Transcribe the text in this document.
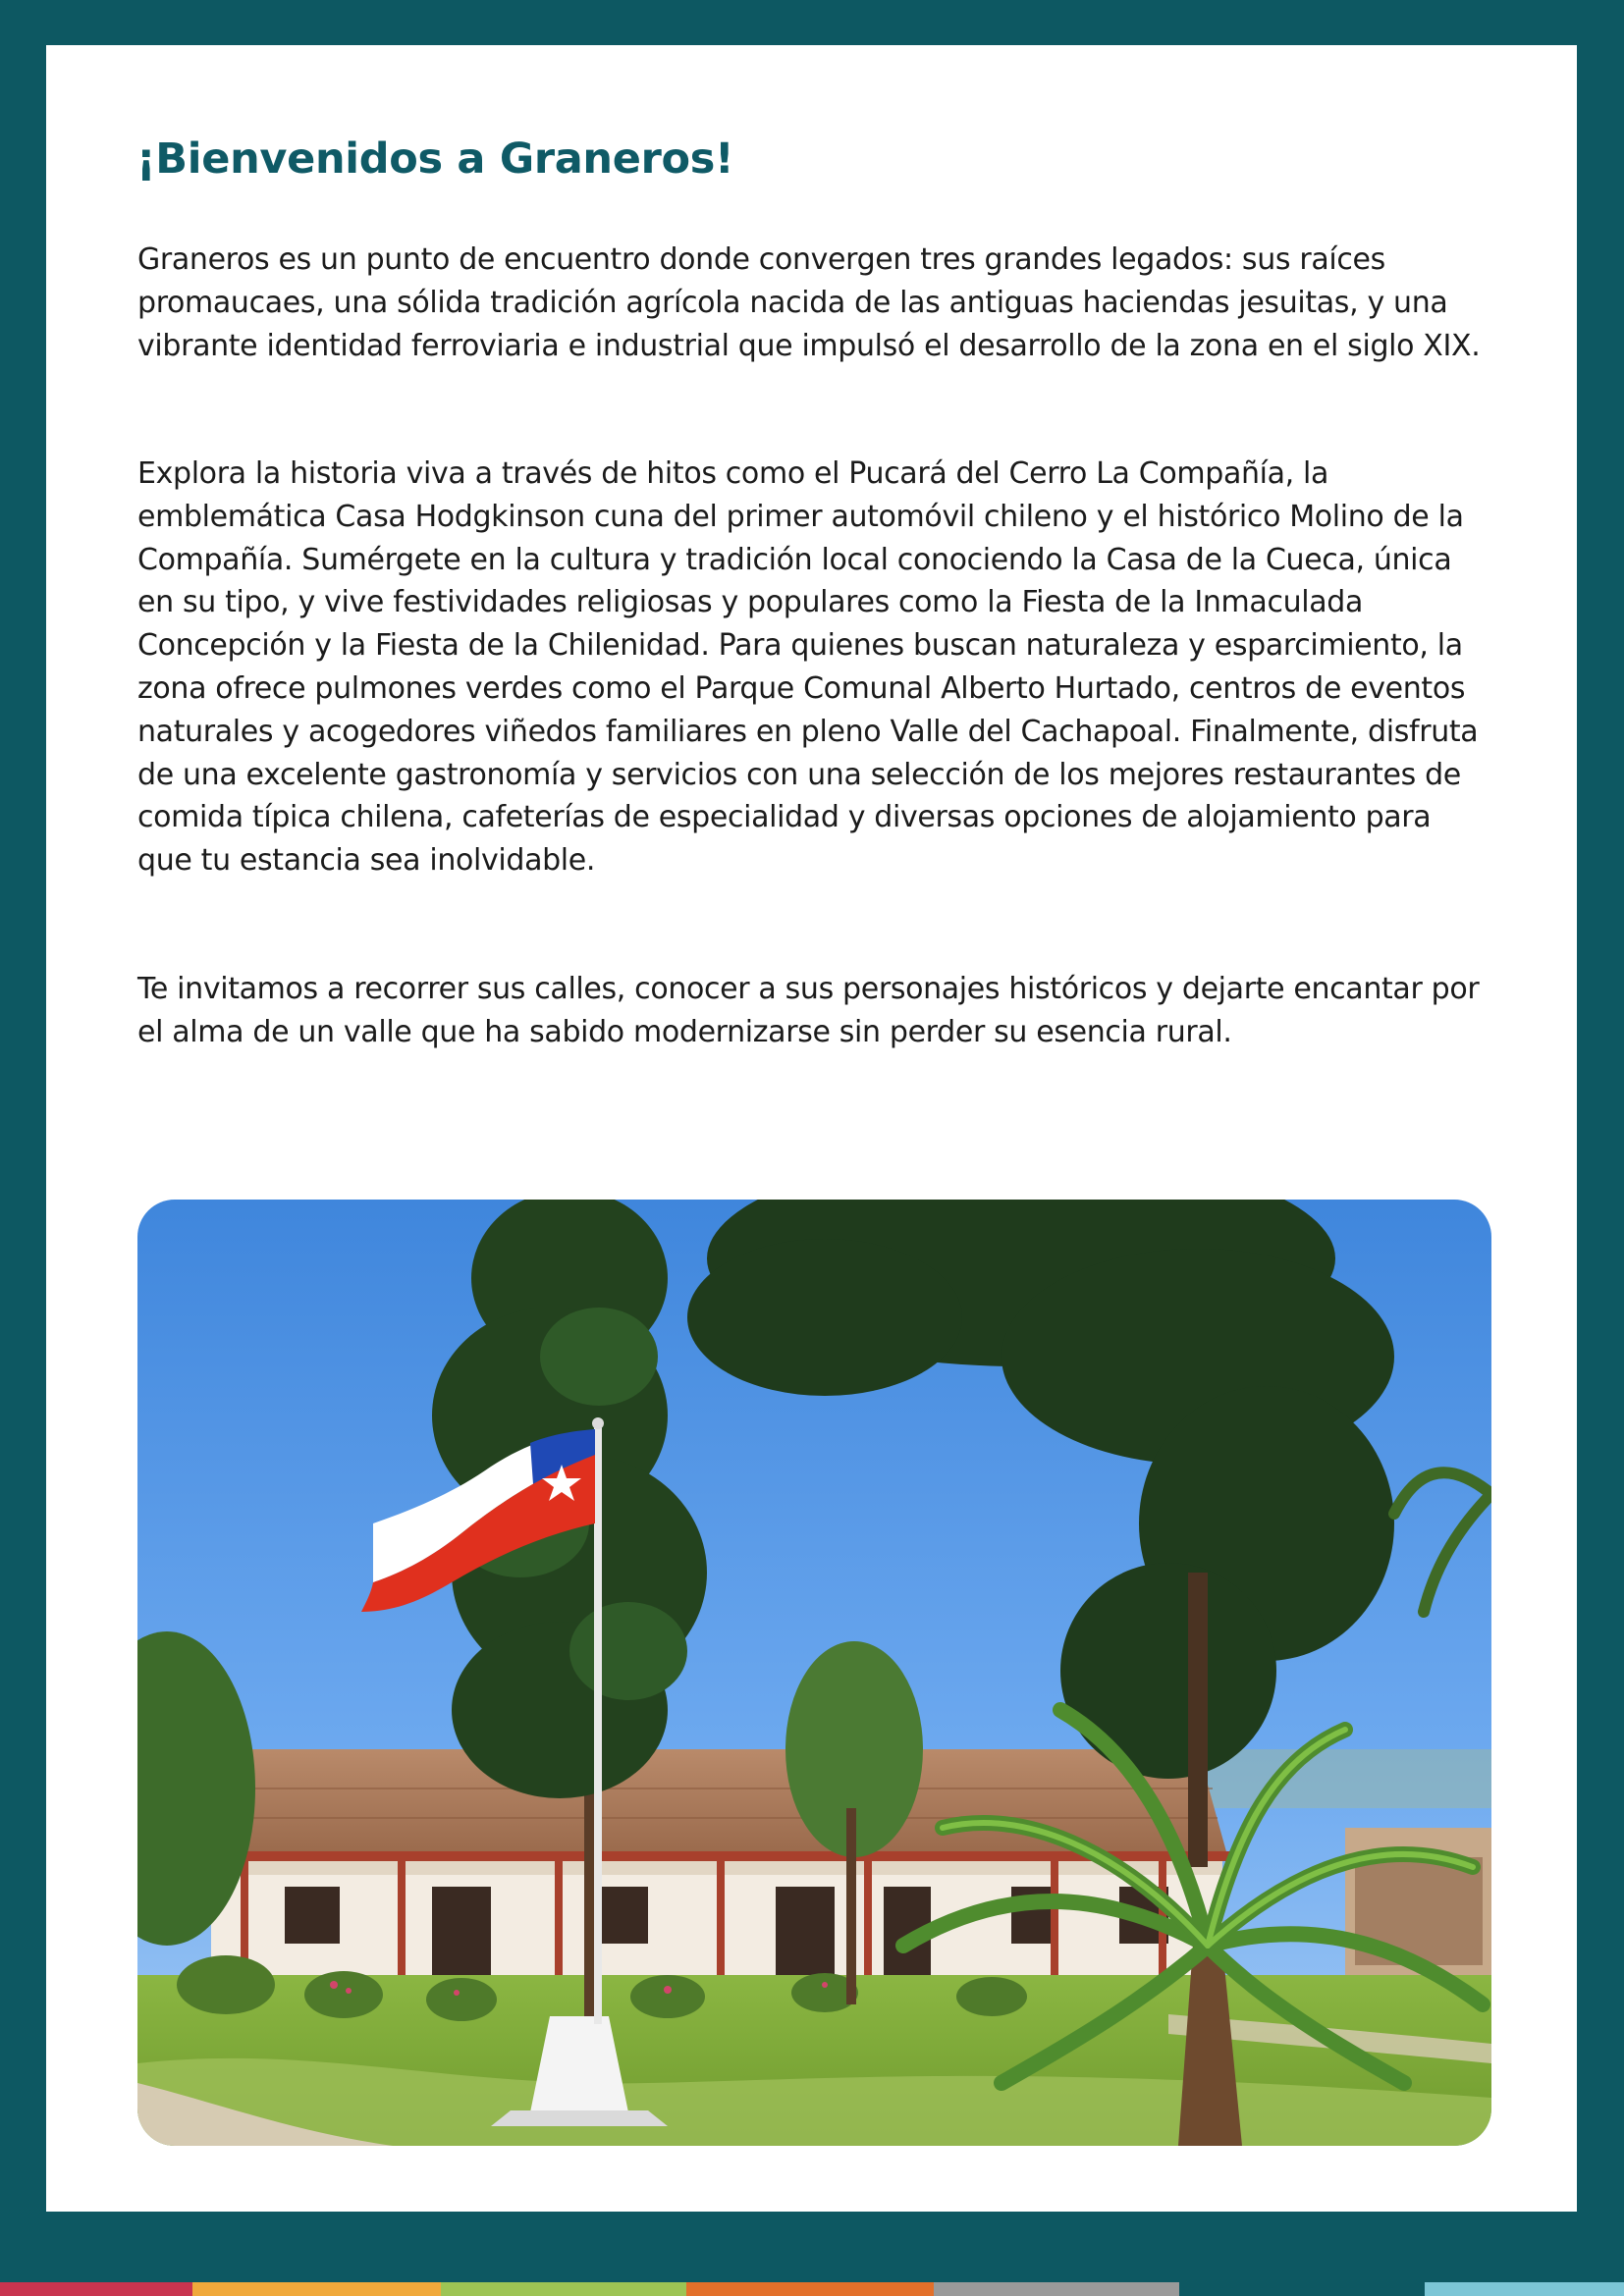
¡Bienvenidos a Graneros!

Graneros es un punto de encuentro donde convergen tres grandes legados: sus raíces promaucaes, una sólida tradición agrícola nacida de las antiguas haciendas jesuitas, y una vibrante identidad ferroviaria e industrial que impulsó el desarrollo de la zona en el siglo XIX.

Explora la historia viva a través de hitos como el Pucará del Cerro La Compañía, la emblemática Casa Hodgkinson cuna del primer automóvil chileno y el histórico Molino de la Compañía. Sumérgete en la cultura y tradición local conociendo la Casa de la Cueca, única en su tipo, y vive festividades religiosas y populares como la Fiesta de la Inmaculada Concepción y la Fiesta de la Chilenidad. Para quienes buscan naturaleza y esparcimiento, la zona ofrece pulmones verdes como el Parque Comunal Alberto Hurtado, centros de eventos naturales y acogedores viñedos familiares en pleno Valle del Cachapoal. Finalmente, disfruta de una excelente gastronomía y servicios con una selección de los mejores restaurantes de comida típica chilena, cafeterías de especialidad y diversas opciones de alojamiento para que tu estancia sea inolvidable.

Te invitamos a recorrer sus calles, conocer a sus personajes históricos y dejarte encantar por el alma de un valle que ha sabido modernizarse sin perder su esencia rural.
